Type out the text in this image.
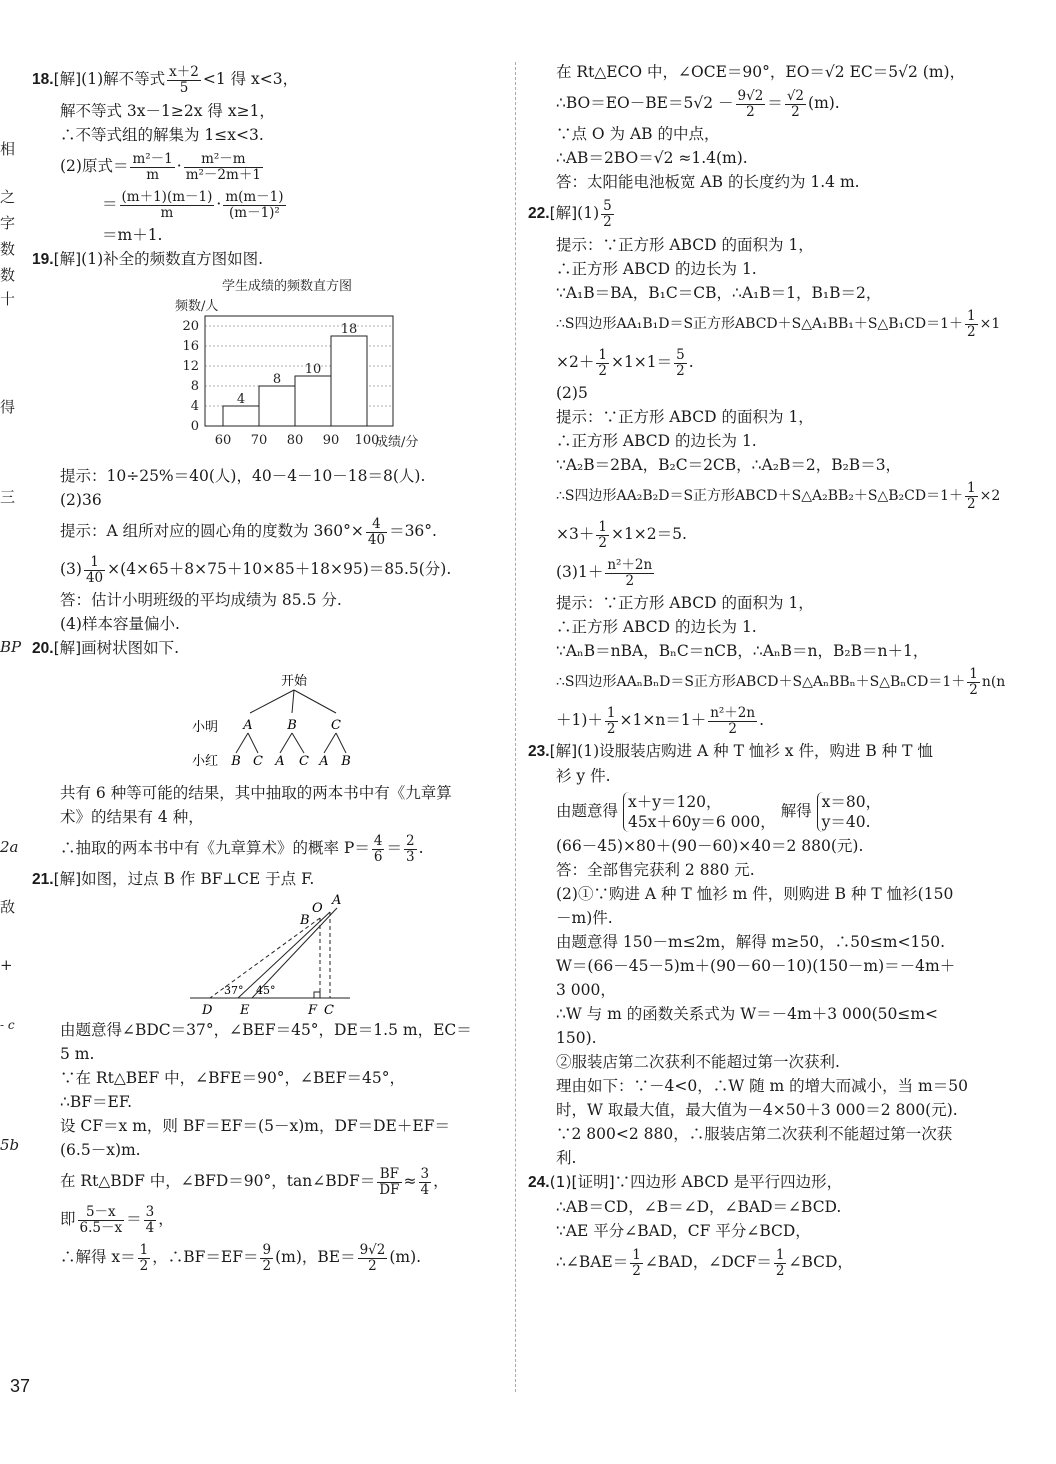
相
之
字
数
数
十
得
三
BP
2a
敌
+
- c
5b
18.[解](1)解不等式 $\frac{x+2}{5} <1$ 得 x<3，
解不等式 3x－1≥2x 得 x≥1，
∴不等式组的解集为 1≤x<3.
(2)原式＝ $\frac{\text{m²－1}}{m} \cdot \frac{\text{m²－m}}{\text{m²－2m＋1}}$
＝ $\frac{(m+1)(m-1)}{m} \cdot \frac{m(m-1)}{\text{(m－1)²}}$
＝m＋1.
19.[解](1)补全的频数直方图如图.
学生成绩的频数直方图
频数/人
成绩/分
0
4
8
12
16
20
4
8
10
18
60 70 80 90 100
提示：10÷25%＝40(人)，40－4－10－18＝8(人).
(2)36
提示：A 组所对应的圆心角的度数为 $360^\circ\times \frac{4}{40} =36^\circ$.
$(3) \frac{1}{40} \times(4\times 65+8\times 75+10\times 85+18\times 95)=85.5$(分).
答：估计小明班级的平均成绩为 85.5 分.
(4)样本容量偏小.
20.[解]画树状图如下.
开始
小明 A	B	C
小红 B C A C A B
共有 6 种等可能的结果，其中抽取的两本书中有《九章算
术》的结果有 4 种，
∴抽取的两本书中有《九章算术》的概率 $P= \frac{4}{6} = \frac{2}{3}$ .
21.[解]如图，过点 B 作 BF⊥CE 于点 F.
A
O
B
D E	F C
37° 45°
由题意得∠BDC＝37°，∠BEF＝45°，DE＝1.5 m，EC＝
5 m.
∵在 Rt△BEF 中，∠BFE＝90°，∠BEF＝45°，
∴BF＝EF.
设 CF＝x m，则 BF＝EF＝(5－x)m，DF＝DE＋EF＝
(6.5－x)m.
在 Rt△BDF 中，∠BFD＝90°，tan∠BDF＝ $\frac{BF}{DF} \approx \frac{3}{4}$ ，
即 $\frac{5-x}{6.5-x} = \frac{3}{4}$ ，
∴解得 $x= \frac{1}{2}$ ，∴BF＝EF＝ $\frac{9}{2} (m)$，$BE= \frac{9√2}{2} (m)$.
在 Rt△ECO 中，∠OCE＝90°，EO＝√2 EC＝5√2 (m)，
∴BO＝EO－BE＝5√2 － $\frac{9√2}{2} = \frac{√2}{2} (m)$.
∵点 O 为 AB 的中点，
∴AB＝2BO＝√2 ≈1.4(m).
答：太阳能电池板宽 AB 的长度约为 1.4 m.
22.[解]$(1) \frac{5}{2}$
提示：∵正方形 ABCD 的面积为 1，
∴正方形 ABCD 的边长为 1.
∵A₁B＝BA，B₁C＝CB，∴A₁B＝1，B₁B＝2，
∴S四边形AA₁B₁D＝S正方形ABCD＋S△A₁BB₁＋S△B₁CD＝1＋ $\frac{1}{2} \times 1$
$\times 2+ \frac{1}{2} \times 1\times 1= \frac{5}{2}$ .
(2)5
提示：∵正方形 ABCD 的面积为 1，
∴正方形 ABCD 的边长为 1.
∵A₂B＝2BA，B₂C＝2CB，∴A₂B＝2，B₂B＝3，
∴S四边形AA₂B₂D＝S正方形ABCD＋S△A₂BB₂＋S△B₂CD＝1＋ $\frac{1}{2} \times 2$
$\times 3+ \frac{1}{2} \times 1\times 2=5$.
$(3)1+ \frac{\text{n²＋2n}}{2}$
提示：∵正方形 ABCD 的面积为 1，
∴正方形 ABCD 的边长为 1.
∵AₙB＝nBA，BₙC＝nCB，∴AₙB＝n，B₂B＝n＋1，
∴S四边形AAₙBₙD＝S正方形ABCD＋S△AₙBBₙ＋S△BₙCD＝1＋ $\frac{1}{2} n(n$
$+1)+ \frac{1}{2} \times 1\times n=1+ \frac{\text{n²＋2n}}{2}$ .
23.[解](1)设服装店购进 A 种 T 恤衫 x 件，购进 B 种 T 恤
衫 y 件.
由题意得 x＋y＝120，
45x＋60y＝6 000，
解得 x＝80，
y＝40.
(66－45)×80＋(90－60)×40＝2 880(元).
答：全部售完获利 2 880 元.
(2)①∵购进 A 种 T 恤衫 m 件，则购进 B 种 T 恤衫(150
－m)件.
由题意得 150－m≤2m，解得 m≥50，∴50≤m<150.
W＝(66－45－5)m＋(90－60－10)(150－m)＝－4m＋
3 000，
∴W 与 m 的函数关系式为 W＝－4m＋3 000(50≤m<
150).
②服装店第二次获利不能超过第一次获利.
理由如下：∵－4<0，∴W 随 m 的增大而减小，当 m＝50
时，W 取最大值，最大值为－4×50＋3 000＝2 800(元).
∵2 800<2 880，∴服装店第二次获利不能超过第一次获
利.
24.(1)[证明]∵四边形 ABCD 是平行四边形，
∴AB＝CD，∠B＝∠D，∠BAD＝∠BCD.
∵AE 平分∠BAD，CF 平分∠BCD，
∴∠BAE＝ $\frac{1}{2}$ ∠BAD，∠DCF＝ $\frac{1}{2}$ ∠BCD，
37
